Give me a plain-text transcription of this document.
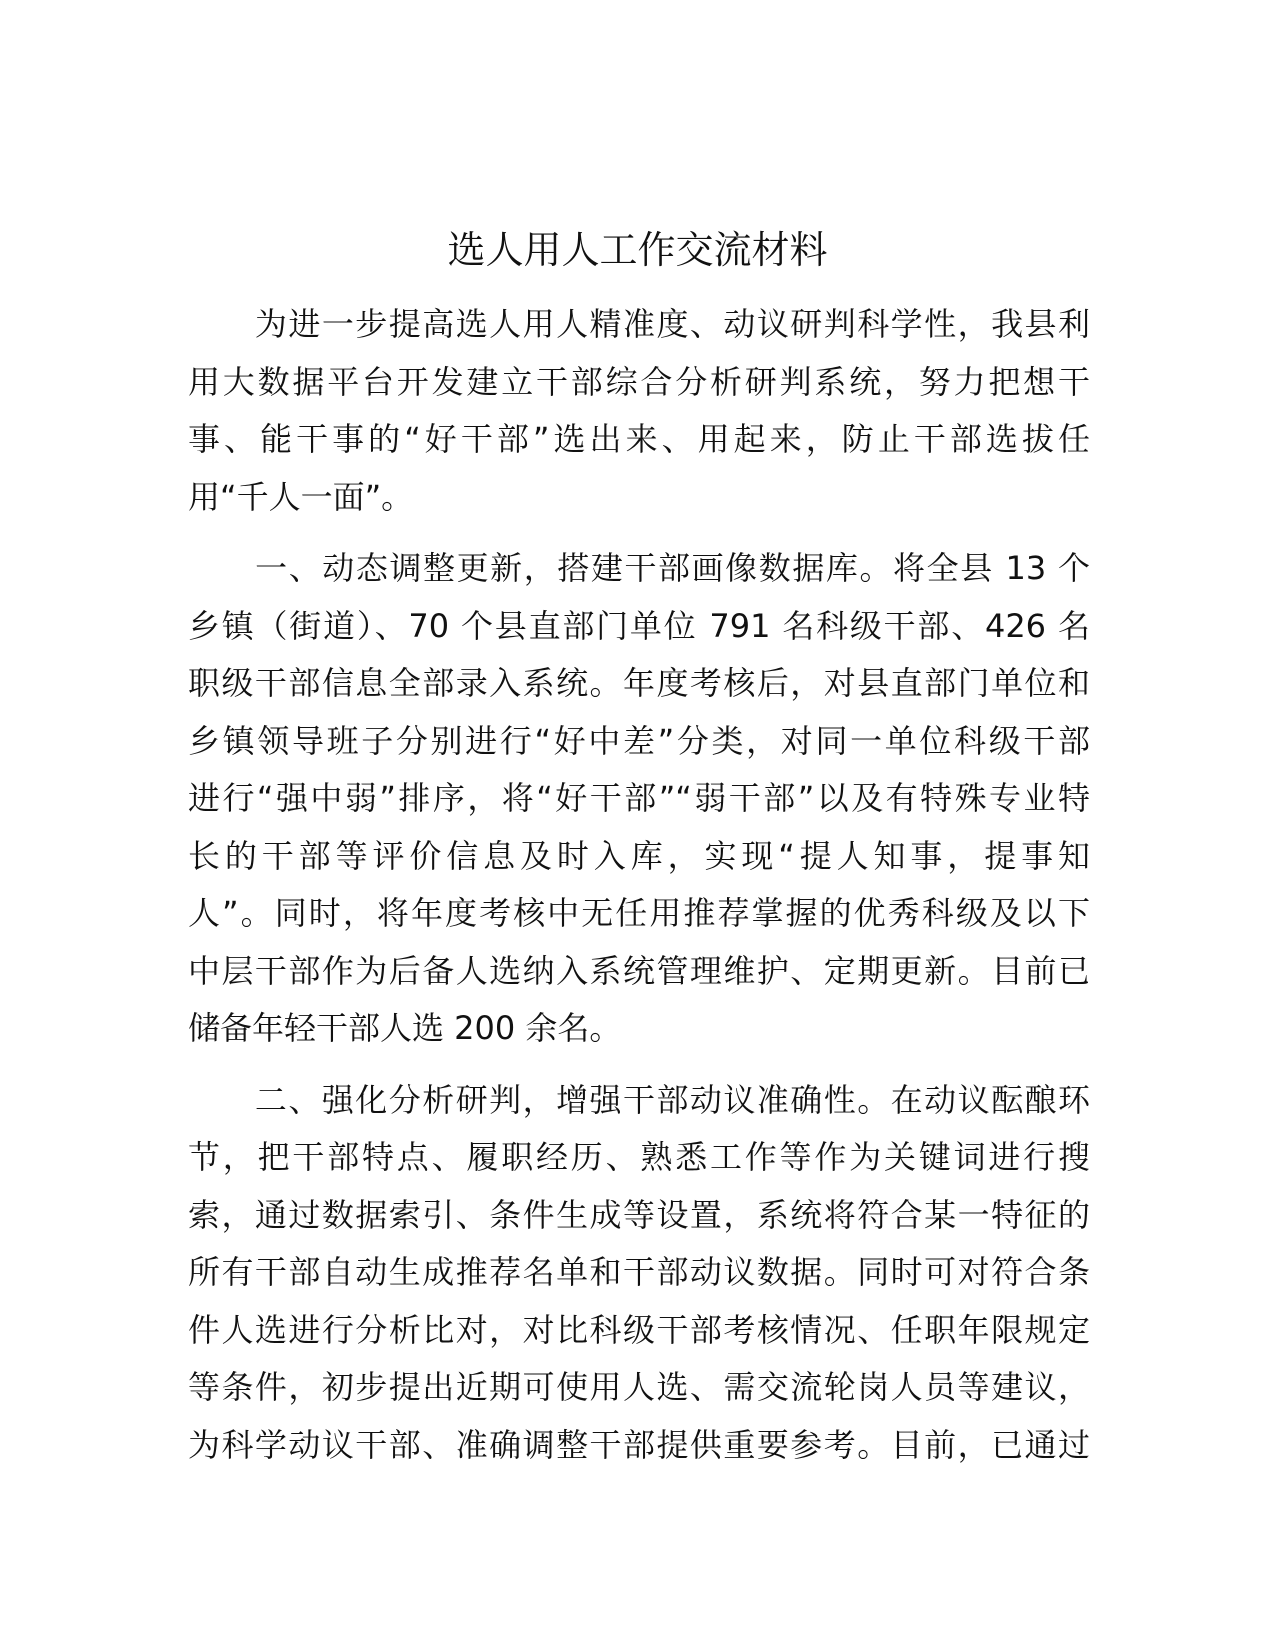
选人用人工作交流材料

　　为进一步提高选人用人精准度、动议研判科学性，我县利
用大数据平台开发建立干部综合分析研判系统，努力把想干
事、能干事的“好干部”选出来、用起来，防止干部选拔任
用“千人一面”。

　　一、动态调整更新，搭建干部画像数据库。将全县 13 个
乡镇（街道）、70 个县直部门单位 791 名科级干部、426 名
职级干部信息全部录入系统。年度考核后，对县直部门单位和
乡镇领导班子分别进行“好中差”分类，对同一单位科级干部
进行“强中弱”排序，将“好干部”“弱干部”以及有特殊专业特
长的干部等评价信息及时入库，实现“提人知事，提事知
人”。同时，将年度考核中无任用推荐掌握的优秀科级及以下
中层干部作为后备人选纳入系统管理维护、定期更新。目前已
储备年轻干部人选 200 余名。

　　二、强化分析研判，增强干部动议准确性。在动议酝酿环
节，把干部特点、履职经历、熟悉工作等作为关键词进行搜
索，通过数据索引、条件生成等设置，系统将符合某一特征的
所有干部自动生成推荐名单和干部动议数据。同时可对符合条
件人选进行分析比对，对比科级干部考核情况、任职年限规定
等条件，初步提出近期可使用人选、需交流轮岗人员等建议，
为科学动议干部、准确调整干部提供重要参考。目前，已通过
